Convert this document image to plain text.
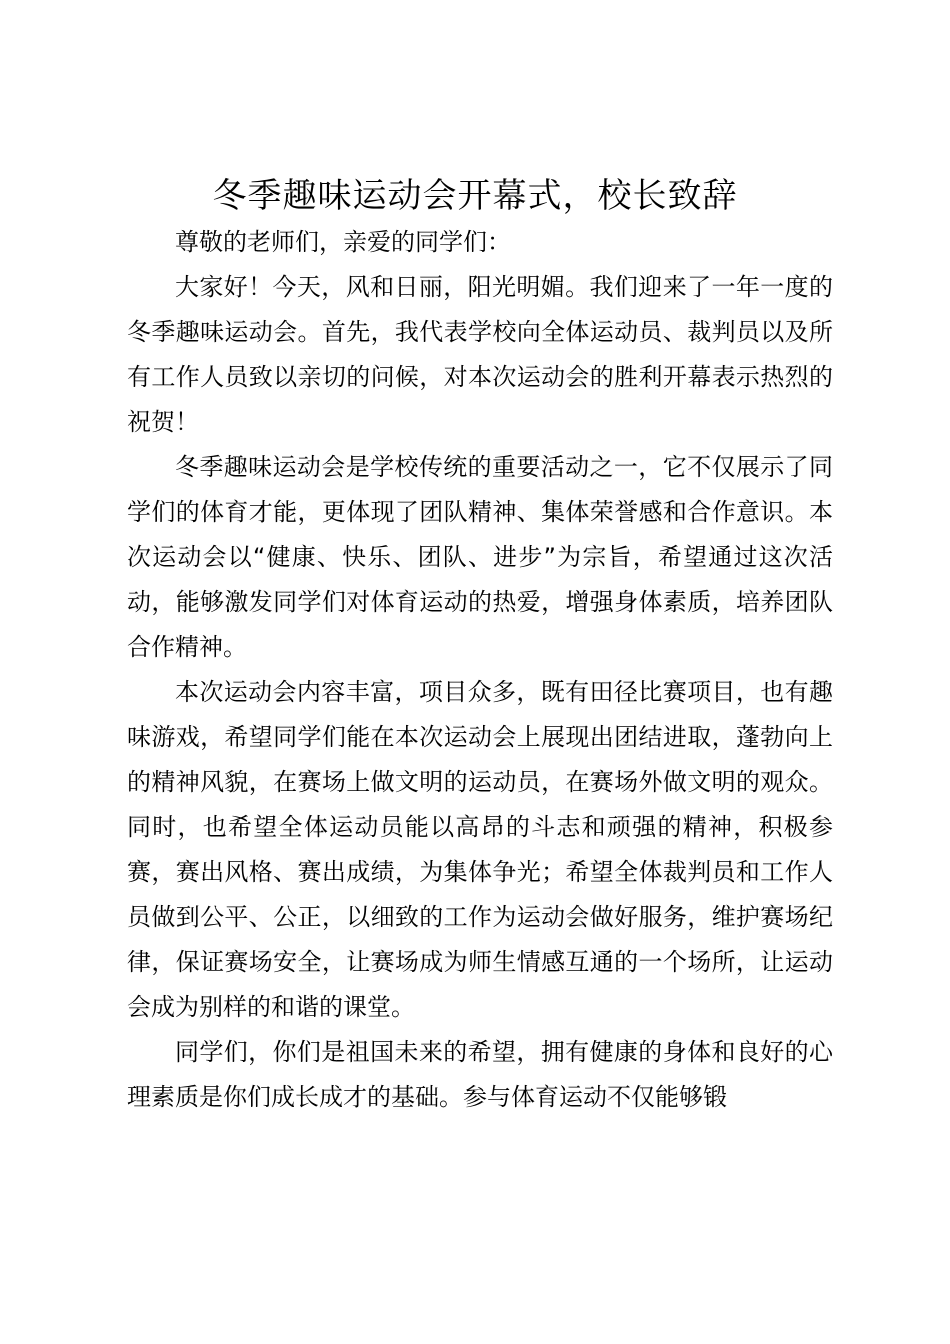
冬季趣味运动会开幕式，校长致辞

尊敬的老师们，亲爱的同学们：

大家好！今天，风和日丽，阳光明媚。我们迎来了一年一度的冬季趣味运动会。首先，我代表学校向全体运动员、裁判员以及所有工作人员致以亲切的问候，对本次运动会的胜利开幕表示热烈的祝贺！

冬季趣味运动会是学校传统的重要活动之一，它不仅展示了同学们的体育才能，更体现了团队精神、集体荣誉感和合作意识。本次运动会以“健康、快乐、团队、进步”为宗旨，希望通过这次活动，能够激发同学们对体育运动的热爱，增强身体素质，培养团队合作精神。

本次运动会内容丰富，项目众多，既有田径比赛项目，也有趣味游戏，希望同学们能在本次运动会上展现出团结进取，蓬勃向上的精神风貌，在赛场上做文明的运动员，在赛场外做文明的观众。同时，也希望全体运动员能以高昂的斗志和顽强的精神，积极参赛，赛出风格、赛出成绩，为集体争光；希望全体裁判员和工作人员做到公平、公正，以细致的工作为运动会做好服务，维护赛场纪律，保证赛场安全，让赛场成为师生情感互通的一个场所，让运动会成为别样的和谐的课堂。

同学们，你们是祖国未来的希望，拥有健康的身体和良好的心理素质是你们成长成才的基础。参与体育运动不仅能够锻
